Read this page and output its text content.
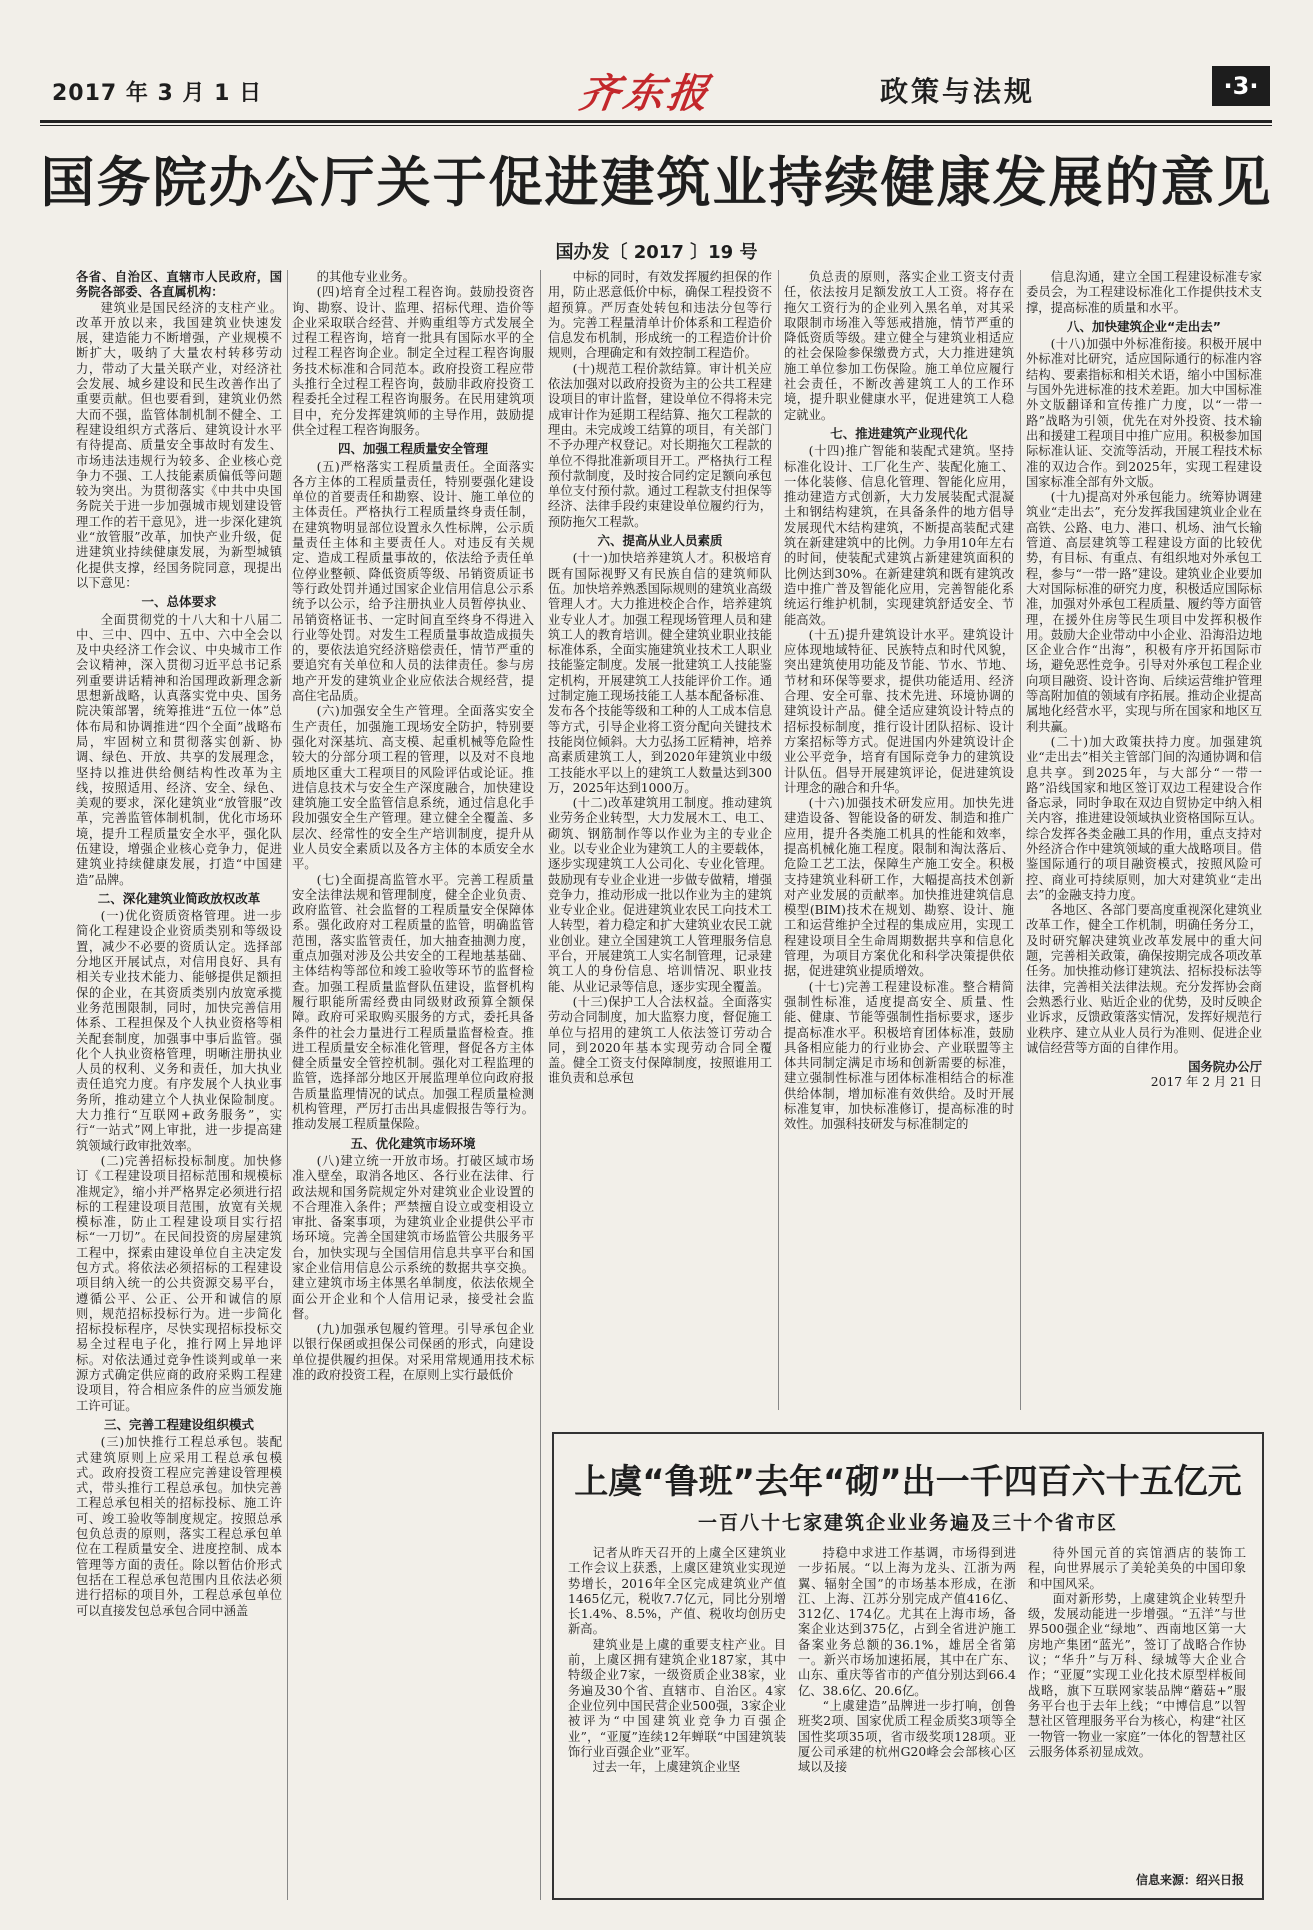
2017 年 3 月 1 日	齐东报	政策与法规	·3·
国务院办公厅关于促进建筑业持续健康发展的意见
国办发〔 2017 〕19 号

各省、自治区、直辖市人民政府，国务院各部委、各直属机构：

建筑业是国民经济的支柱产业。改革开放以来，我国建筑业快速发展，建造能力不断增强，产业规模不断扩大，吸纳了大量农村转移劳动力，带动了大量关联产业，对经济社会发展、城乡建设和民生改善作出了重要贡献。但也要看到，建筑业仍然大而不强，监管体制机制不健全、工程建设组织方式落后、建筑设计水平有待提高、质量安全事故时有发生、市场违法违规行为较多、企业核心竞争力不强、工人技能素质偏低等问题较为突出。为贯彻落实《中共中央国务院关于进一步加强城市规划建设管理工作的若干意见》，进一步深化建筑业“放管服”改革，加快产业升级，促进建筑业持续健康发展，为新型城镇化提供支撑，经国务院同意，现提出以下意见：

一、总体要求

全面贯彻党的十八大和十八届二中、三中、四中、五中、六中全会以及中央经济工作会议、中央城市工作会议精神，深入贯彻习近平总书记系列重要讲话精神和治国理政新理念新思想新战略，认真落实党中央、国务院决策部署，统筹推进“五位一体”总体布局和协调推进“四个全面”战略布局，牢固树立和贯彻落实创新、协调、绿色、开放、共享的发展理念，坚持以推进供给侧结构性改革为主线，按照适用、经济、安全、绿色、美观的要求，深化建筑业“放管服”改革，完善监管体制机制，优化市场环境，提升工程质量安全水平，强化队伍建设，增强企业核心竞争力，促进建筑业持续健康发展，打造“中国建造”品牌。

二、深化建筑业简政放权改革

(一)优化资质资格管理。进一步简化工程建设企业资质类别和等级设置，减少不必要的资质认定。选择部分地区开展试点，对信用良好、具有相关专业技术能力、能够提供足额担保的企业，在其资质类别内放宽承揽业务范围限制，同时，加快完善信用体系、工程担保及个人执业资格等相关配套制度，加强事中事后监管。强化个人执业资格管理，明晰注册执业人员的权利、义务和责任，加大执业责任追究力度。有序发展个人执业事务所，推动建立个人执业保险制度。大力推行“互联网+政务服务”，实行“一站式”网上审批，进一步提高建筑领域行政审批效率。

(二)完善招标投标制度。加快修订《工程建设项目招标范围和规模标准规定》，缩小并严格界定必须进行招标的工程建设项目范围，放宽有关规模标准，防止工程建设项目实行招标“一刀切”。在民间投资的房屋建筑工程中，探索由建设单位自主决定发包方式。将依法必须招标的工程建设项目纳入统一的公共资源交易平台，遵循公平、公正、公开和诚信的原则，规范招标投标行为。进一步简化招标投标程序，尽快实现招标投标交易全过程电子化，推行网上异地评标。对依法通过竞争性谈判或单一来源方式确定供应商的政府采购工程建设项目，符合相应条件的应当颁发施工许可证。

三、完善工程建设组织模式

(三)加快推行工程总承包。装配式建筑原则上应采用工程总承包模式。政府投资工程应完善建设管理模式，带头推行工程总承包。加快完善工程总承包相关的招标投标、施工许可、竣工验收等制度规定。按照总承包负总责的原则，落实工程总承包单位在工程质量安全、进度控制、成本管理等方面的责任。除以暂估价形式包括在工程总承包范围内且依法必须进行招标的项目外，工程总承包单位可以直接发包总承包合同中涵盖

的其他专业业务。

(四)培育全过程工程咨询。鼓励投资咨询、勘察、设计、监理、招标代理、造价等企业采取联合经营、并购重组等方式发展全过程工程咨询，培育一批具有国际水平的全过程工程咨询企业。制定全过程工程咨询服务技术标准和合同范本。政府投资工程应带头推行全过程工程咨询，鼓励非政府投资工程委托全过程工程咨询服务。在民用建筑项目中，充分发挥建筑师的主导作用，鼓励提供全过程工程咨询服务。

四、加强工程质量安全管理

(五)严格落实工程质量责任。全面落实各方主体的工程质量责任，特别要强化建设单位的首要责任和勘察、设计、施工单位的主体责任。严格执行工程质量终身责任制，在建筑物明显部位设置永久性标牌，公示质量责任主体和主要责任人。对违反有关规定、造成工程质量事故的，依法给予责任单位停业整顿、降低资质等级、吊销资质证书等行政处罚并通过国家企业信用信息公示系统予以公示，给予注册执业人员暂停执业、吊销资格证书、一定时间直至终身不得进入行业等处罚。对发生工程质量事故造成损失的，要依法追究经济赔偿责任，情节严重的要追究有关单位和人员的法律责任。参与房地产开发的建筑业企业应依法合规经营，提高住宅品质。

(六)加强安全生产管理。全面落实安全生产责任，加强施工现场安全防护，特别要强化对深基坑、高支模、起重机械等危险性较大的分部分项工程的管理，以及对不良地质地区重大工程项目的风险评估或论证。推进信息技术与安全生产深度融合，加快建设建筑施工安全监管信息系统，通过信息化手段加强安全生产管理。建立健全全覆盖、多层次、经常性的安全生产培训制度，提升从业人员安全素质以及各方主体的本质安全水平。

(七)全面提高监管水平。完善工程质量安全法律法规和管理制度，健全企业负责、政府监管、社会监督的工程质量安全保障体系。强化政府对工程质量的监管，明确监管范围，落实监管责任，加大抽查抽测力度，重点加强对涉及公共安全的工程地基基础、主体结构等部位和竣工验收等环节的监督检查。加强工程质量监督队伍建设，监督机构履行职能所需经费由同级财政预算全额保障。政府可采取购买服务的方式，委托具备条件的社会力量进行工程质量监督检查。推进工程质量安全标准化管理，督促各方主体健全质量安全管控机制。强化对工程监理的监管，选择部分地区开展监理单位向政府报告质量监理情况的试点。加强工程质量检测机构管理，严厉打击出具虚假报告等行为。推动发展工程质量保险。

五、优化建筑市场环境

(八)建立统一开放市场。打破区域市场准入壁垒，取消各地区、各行业在法律、行政法规和国务院规定外对建筑业企业设置的不合理准入条件；严禁擅自设立或变相设立审批、备案事项，为建筑业企业提供公平市场环境。完善全国建筑市场监管公共服务平台，加快实现与全国信用信息共享平台和国家企业信用信息公示系统的数据共享交换。建立建筑市场主体黑名单制度，依法依规全面公开企业和个人信用记录，接受社会监督。

(九)加强承包履约管理。引导承包企业以银行保函或担保公司保函的形式，向建设单位提供履约担保。对采用常规通用技术标准的政府投资工程，在原则上实行最低价

中标的同时，有效发挥履约担保的作用，防止恶意低价中标，确保工程投资不超预算。严厉查处转包和违法分包等行为。完善工程量清单计价体系和工程造价信息发布机制，形成统一的工程造价计价规则，合理确定和有效控制工程造价。

(十)规范工程价款结算。审计机关应依法加强对以政府投资为主的公共工程建设项目的审计监督，建设单位不得将未完成审计作为延期工程结算、拖欠工程款的理由。未完成竣工结算的项目，有关部门不予办理产权登记。对长期拖欠工程款的单位不得批准新项目开工。严格执行工程预付款制度，及时按合同约定足额向承包单位支付预付款。通过工程款支付担保等经济、法律手段约束建设单位履约行为，预防拖欠工程款。

六、提高从业人员素质

(十一)加快培养建筑人才。积极培育既有国际视野又有民族自信的建筑师队伍。加快培养熟悉国际规则的建筑业高级管理人才。大力推进校企合作，培养建筑业专业人才。加强工程现场管理人员和建筑工人的教育培训。健全建筑业职业技能标准体系，全面实施建筑业技术工人职业技能鉴定制度。发展一批建筑工人技能鉴定机构，开展建筑工人技能评价工作。通过制定施工现场技能工人基本配备标准、发布各个技能等级和工种的人工成本信息等方式，引导企业将工资分配向关键技术技能岗位倾斜。大力弘扬工匠精神，培养高素质建筑工人，到2020年建筑业中级工技能水平以上的建筑工人数量达到300万，2025年达到1000万。

(十二)改革建筑用工制度。推动建筑业劳务企业转型，大力发展木工、电工、砌筑、钢筋制作等以作业为主的专业企业。以专业企业为建筑工人的主要载体，逐步实现建筑工人公司化、专业化管理。鼓励现有专业企业进一步做专做精，增强竞争力，推动形成一批以作业为主的建筑业专业企业。促进建筑业农民工向技术工人转型，着力稳定和扩大建筑业农民工就业创业。建立全国建筑工人管理服务信息平台，开展建筑工人实名制管理，记录建筑工人的身份信息、培训情况、职业技能、从业记录等信息，逐步实现全覆盖。

(十三)保护工人合法权益。全面落实劳动合同制度，加大监察力度，督促施工单位与招用的建筑工人依法签订劳动合同，到2020年基本实现劳动合同全覆盖。健全工资支付保障制度，按照谁用工谁负责和总承包

负总责的原则，落实企业工资支付责任，依法按月足额发放工人工资。将存在拖欠工资行为的企业列入黑名单，对其采取限制市场准入等惩戒措施，情节严重的降低资质等级。建立健全与建筑业相适应的社会保险参保缴费方式，大力推进建筑施工单位参加工伤保险。施工单位应履行社会责任，不断改善建筑工人的工作环境，提升职业健康水平，促进建筑工人稳定就业。

七、推进建筑产业现代化

(十四)推广智能和装配式建筑。坚持标准化设计、工厂化生产、装配化施工、一体化装修、信息化管理、智能化应用，推动建造方式创新，大力发展装配式混凝土和钢结构建筑，在具备条件的地方倡导发展现代木结构建筑，不断提高装配式建筑在新建建筑中的比例。力争用10年左右的时间，使装配式建筑占新建建筑面积的比例达到30%。在新建建筑和既有建筑改造中推广普及智能化应用，完善智能化系统运行维护机制，实现建筑舒适安全、节能高效。

(十五)提升建筑设计水平。建筑设计应体现地域特征、民族特点和时代风貌，突出建筑使用功能及节能、节水、节地、节材和环保等要求，提供功能适用、经济合理、安全可靠、技术先进、环境协调的建筑设计产品。健全适应建筑设计特点的招标投标制度，推行设计团队招标、设计方案招标等方式。促进国内外建筑设计企业公平竞争，培育有国际竞争力的建筑设计队伍。倡导开展建筑评论，促进建筑设计理念的融合和升华。

(十六)加强技术研发应用。加快先进建造设备、智能设备的研发、制造和推广应用，提升各类施工机具的性能和效率，提高机械化施工程度。限制和淘汰落后、危险工艺工法，保障生产施工安全。积极支持建筑业科研工作，大幅提高技术创新对产业发展的贡献率。加快推进建筑信息模型(BIM)技术在规划、勘察、设计、施工和运营维护全过程的集成应用，实现工程建设项目全生命周期数据共享和信息化管理，为项目方案优化和科学决策提供依据，促进建筑业提质增效。

(十七)完善工程建设标准。整合精简强制性标准，适度提高安全、质量、性能、健康、节能等强制性指标要求，逐步提高标准水平。积极培育团体标准，鼓励具备相应能力的行业协会、产业联盟等主体共同制定满足市场和创新需要的标准，建立强制性标准与团体标准相结合的标准供给体制，增加标准有效供给。及时开展标准复审，加快标准修订，提高标准的时效性。加强科技研发与标准制定的

信息沟通，建立全国工程建设标准专家委员会，为工程建设标准化工作提供技术支撑，提高标准的质量和水平。

八、加快建筑企业“走出去”

(十八)加强中外标准衔接。积极开展中外标准对比研究，适应国际通行的标准内容结构、要素指标和相关术语，缩小中国标准与国外先进标准的技术差距。加大中国标准外文版翻译和宣传推广力度，以“一带一路”战略为引领，优先在对外投资、技术输出和援建工程项目中推广应用。积极参加国际标准认证、交流等活动，开展工程技术标准的双边合作。到2025年，实现工程建设国家标准全部有外文版。

(十九)提高对外承包能力。统筹协调建筑业“走出去”，充分发挥我国建筑业企业在高铁、公路、电力、港口、机场、油气长输管道、高层建筑等工程建设方面的比较优势，有目标、有重点、有组织地对外承包工程，参与“一带一路”建设。建筑业企业要加大对国际标准的研究力度，积极适应国际标准，加强对外承包工程质量、履约等方面管理，在援外住房等民生项目中发挥积极作用。鼓励大企业带动中小企业、沿海沿边地区企业合作“出海”，积极有序开拓国际市场，避免恶性竞争。引导对外承包工程企业向项目融资、设计咨询、后续运营维护管理等高附加值的领域有序拓展。推动企业提高属地化经营水平，实现与所在国家和地区互利共赢。

(二十)加大政策扶持力度。加强建筑业“走出去”相关主管部门间的沟通协调和信息共享。到2025年，与大部分“一带一路”沿线国家和地区签订双边工程建设合作备忘录，同时争取在双边自贸协定中纳入相关内容，推进建设领域执业资格国际互认。综合发挥各类金融工具的作用，重点支持对外经济合作中建筑领域的重大战略项目。借鉴国际通行的项目融资模式，按照风险可控、商业可持续原则，加大对建筑业“走出去”的金融支持力度。

各地区、各部门要高度重视深化建筑业改革工作，健全工作机制，明确任务分工，及时研究解决建筑业改革发展中的重大问题，完善相关政策，确保按期完成各项改革任务。加快推动修订建筑法、招标投标法等法律，完善相关法律法规。充分发挥协会商会熟悉行业、贴近企业的优势，及时反映企业诉求，反馈政策落实情况，发挥好规范行业秩序、建立从业人员行为准则、促进企业诚信经营等方面的自律作用。

国务院办公厅

2017 年 2 月 21 日

上虞“鲁班”去年“砌”出一千四百六十五亿元
一百八十七家建筑企业业务遍及三十个省市区

记者从昨天召开的上虞全区建筑业工作会议上获悉，上虞区建筑业实现逆势增长，2016年全区完成建筑业产值1465亿元，税收7.7亿元，同比分别增长1.4%、8.5%，产值、税收均创历史新高。

建筑业是上虞的重要支柱产业。目前，上虞区拥有建筑企业187家，其中特级企业7家，一级资质企业38家，业务遍及30个省、直辖市、自治区。4家企业位列中国民营企业500强，3家企业被评为“中国建筑业竞争力百强企业”，“亚厦”连续12年蝉联“中国建筑装饰行业百强企业”亚军。

过去一年，上虞建筑企业坚

持稳中求进工作基调，市场得到进一步拓展。“以上海为龙头、江浙为两翼、辐射全国”的市场基本形成，在浙江、上海、江苏分别完成产值416亿、312亿、174亿。尤其在上海市场，备案企业达到375亿，占到全省进沪施工备案业务总额的36.1%，雄居全省第一。新兴市场加速拓展，其中在广东、山东、重庆等省市的产值分别达到66.4亿、38.6亿、20.6亿。

“上虞建造”品牌进一步打响，创鲁班奖2项、国家优质工程金质奖3项等全国性奖项35项，省市级奖项128项。亚厦公司承建的杭州G20峰会会部核心区域以及接

待外国元首的宾馆酒店的装饰工程，向世界展示了美轮美奂的中国印象和中国风采。

面对新形势，上虞建筑企业转型升级，发展动能进一步增强。“五洋”与世界500强企业“绿地”、西南地区第一大房地产集团“蓝光”，签订了战略合作协议；“华升”与万科、绿城等大企业合作；“亚厦”实现工业化技术原型样板间战略，旗下互联网家装品牌“蘑菇+”服务平台也于去年上线；“中博信息”以智慧社区管理服务平台为核心，构建“社区一物管一物业一家庭”一体化的智慧社区云服务体系初显成效。

信息来源：绍兴日报
